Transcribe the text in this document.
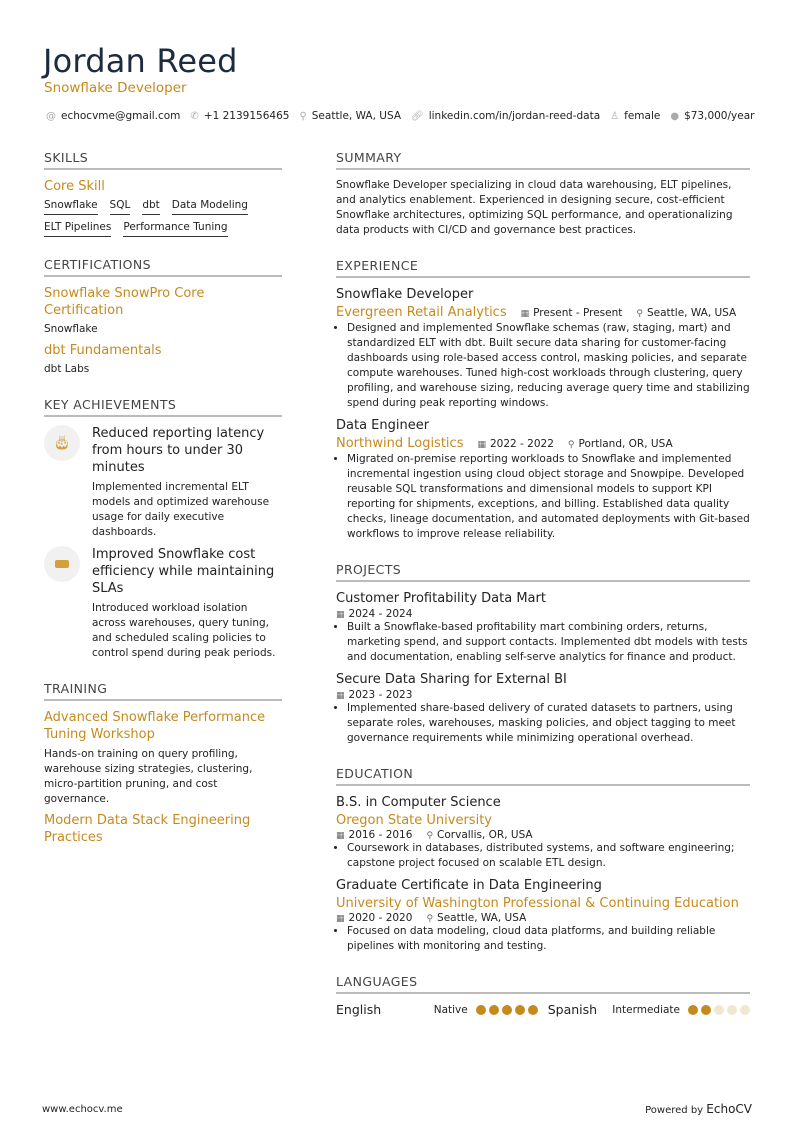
Jordan Reed
Snowflake Developer
@ echocvme@gmail.com ✆ +1 2139156465 ⚲ Seattle, WA, USA 🔗︎ linkedin.com/in/jordan-reed-data ♙ female ● $73,000/year
SKILLS
Core Skill
Snowflake SQL dbt Data Modeling
ELT Pipelines Performance Tuning
CERTIFICATIONS
Snowflake SnowPro Core Certification
Snowflake
dbt Fundamentals
dbt Labs
KEY ACHIEVEMENTS
🎂︎
Reduced reporting latency from hours to under 30 minutes
Implemented incremental ELT models and optimized warehouse usage for daily executive dashboards.
Improved Snowflake cost efficiency while maintaining SLAs
Introduced workload isolation across warehouses, query tuning, and scheduled scaling policies to control spend during peak periods.
TRAINING
Advanced Snowflake Performance Tuning Workshop
Hands-on training on query profiling, warehouse sizing strategies, clustering, micro-partition pruning, and cost governance.
Modern Data Stack Engineering Practices
SUMMARY
Snowflake Developer specializing in cloud data warehousing, ELT pipelines, and analytics enablement. Experienced in designing secure, cost-efficient Snowflake architectures, optimizing SQL performance, and operationalizing data products with CI/CD and governance best practices.
EXPERIENCE
Snowflake Developer
Evergreen Retail Analytics ▦ Present - Present ⚲ Seattle, WA, USA
• Designed and implemented Snowflake schemas (raw, staging, mart) and standardized ELT with dbt. Built secure data sharing for customer-facing dashboards using role-based access control, masking policies, and separate compute warehouses. Tuned high-cost workloads through clustering, query profiling, and warehouse sizing, reducing average query time and stabilizing spend during peak reporting windows.
Data Engineer
Northwind Logistics ▦ 2022 - 2022 ⚲ Portland, OR, USA
• Migrated on-premise reporting workloads to Snowflake and implemented incremental ingestion using cloud object storage and Snowpipe. Developed reusable SQL transformations and dimensional models to support KPI reporting for shipments, exceptions, and billing. Established data quality checks, lineage documentation, and automated deployments with Git-based workflows to improve release reliability.
PROJECTS
Customer Profitability Data Mart
▦ 2024 - 2024
• Built a Snowflake-based profitability mart combining orders, returns, marketing spend, and support contacts. Implemented dbt models with tests and documentation, enabling self-serve analytics for finance and product.
Secure Data Sharing for External BI
▦ 2023 - 2023
• Implemented share-based delivery of curated datasets to partners, using separate roles, warehouses, masking policies, and object tagging to meet governance requirements while minimizing operational overhead.
EDUCATION
B.S. in Computer Science
Oregon State University
▦ 2016 - 2016 ⚲ Corvallis, OR, USA
• Coursework in databases, distributed systems, and software engineering; capstone project focused on scalable ETL design.
Graduate Certificate in Data Engineering
University of Washington Professional & Continuing Education
▦ 2020 - 2020 ⚲ Seattle, WA, USA
• Focused on data modeling, cloud data platforms, and building reliable pipelines with monitoring and testing.
LANGUAGES
English	Native	Spanish	Intermediate
www.echocv.me	Powered by EchoCV
